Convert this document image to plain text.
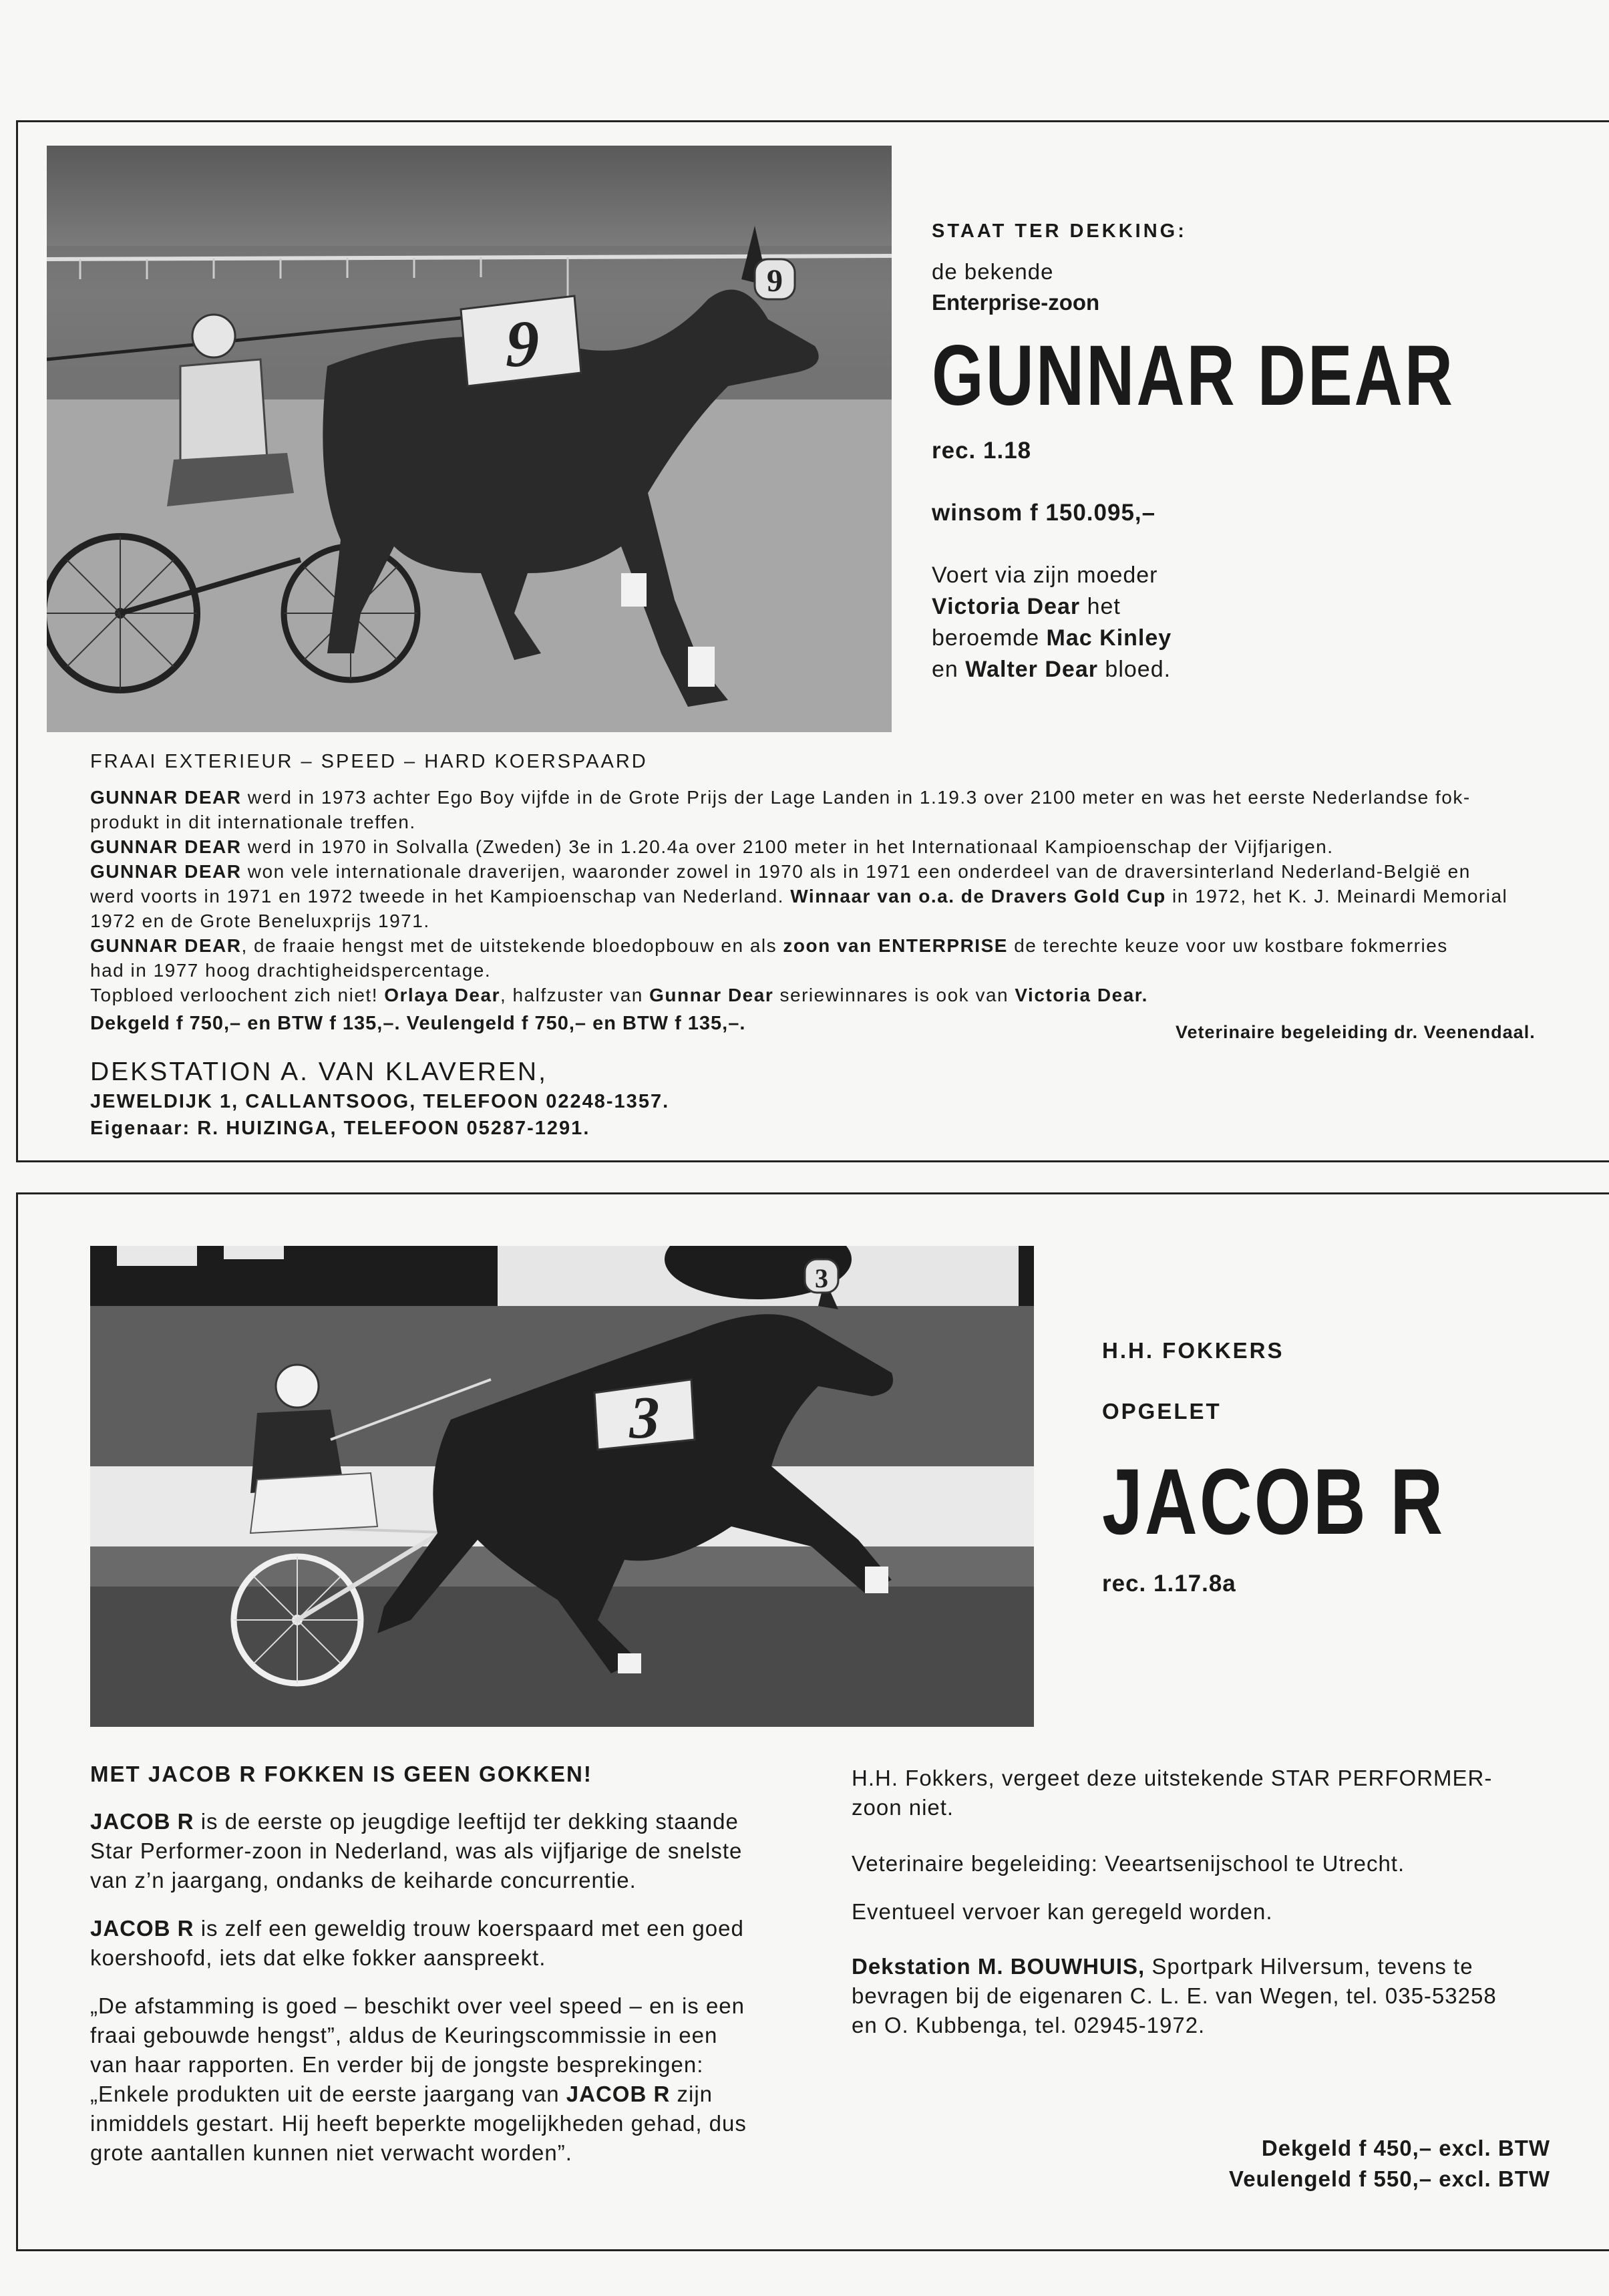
9
9

STAAT TER DEKKING:

de bekende

Enterprise-zoon

GUNNAR DEAR

rec. 1.18

winsom f 150.095,–

Voert via zijn moeder
Victoria Dear het
beroemde Mac Kinley
en Walter Dear bloed.

FRAAI EXTERIEUR – SPEED – HARD KOERSPAARD

GUNNAR DEAR werd in 1973 achter Ego Boy vijfde in de Grote Prijs der Lage Landen in 1.19.3 over 2100 meter en was het eerste Nederlandse fok-
produkt in dit internationale treffen.
GUNNAR DEAR werd in 1970 in Solvalla (Zweden) 3e in 1.20.4a over 2100 meter in het Internationaal Kampioenschap der Vijfjarigen.
GUNNAR DEAR won vele internationale draverijen, waaronder zowel in 1970 als in 1971 een onderdeel van de draversinterland Nederland-België en
werd voorts in 1971 en 1972 tweede in het Kampioenschap van Nederland. Winnaar van o.a. de Dravers Gold Cup in 1972, het K. J. Meinardi Memorial
1972 en de Grote Beneluxprijs 1971.
GUNNAR DEAR, de fraaie hengst met de uitstekende bloedopbouw en als zoon van ENTERPRISE de terechte keuze voor uw kostbare fokmerries
had in 1977 hoog drachtigheidspercentage.
Topbloed verloochent zich niet! Orlaya Dear, halfzuster van Gunnar Dear seriewinnares is ook van Victoria Dear.

Dekgeld f 750,– en BTW f 135,–. Veulengeld f 750,– en BTW f 135,–.	Veterinaire begeleiding dr. Veenendaal.

DEKSTATION A. VAN KLAVEREN,

JEWELDIJK 1, CALLANTSOOG, TELEFOON 02248-1357.

Eigenaar: R. HUIZINGA, TELEFOON 05287-1291.

3
3

H.H. FOKKERS

OPGELET

JACOB R

rec. 1.17.8a

MET JACOB R FOKKEN IS GEEN GOKKEN!

JACOB R is de eerste op jeugdige leeftijd ter dekking staande
Star Performer-zoon in Nederland, was als vijfjarige de snelste
van z’n jaargang, ondanks de keiharde concurrentie.
JACOB R is zelf een geweldig trouw koerspaard met een goed
koershoofd, iets dat elke fokker aanspreekt.
„De afstamming is goed – beschikt over veel speed – en is een
fraai gebouwde hengst”, aldus de Keuringscommissie in een
van haar rapporten. En verder bij de jongste besprekingen:
„Enkele produkten uit de eerste jaargang van JACOB R zijn
inmiddels gestart. Hij heeft beperkte mogelijkheden gehad, dus
grote aantallen kunnen niet verwacht worden”.
H.H. Fokkers, vergeet deze uitstekende STAR PERFORMER-
zoon niet.
Veterinaire begeleiding: Veeartsenijschool te Utrecht.
Eventueel vervoer kan geregeld worden.
Dekstation M. BOUWHUIS, Sportpark Hilversum, tevens te
bevragen bij de eigenaren C. L. E. van Wegen, tel. 035-53258
en O. Kubbenga, tel. 02945-1972.
Dekgeld f 450,– excl. BTW
Veulengeld f 550,– excl. BTW
